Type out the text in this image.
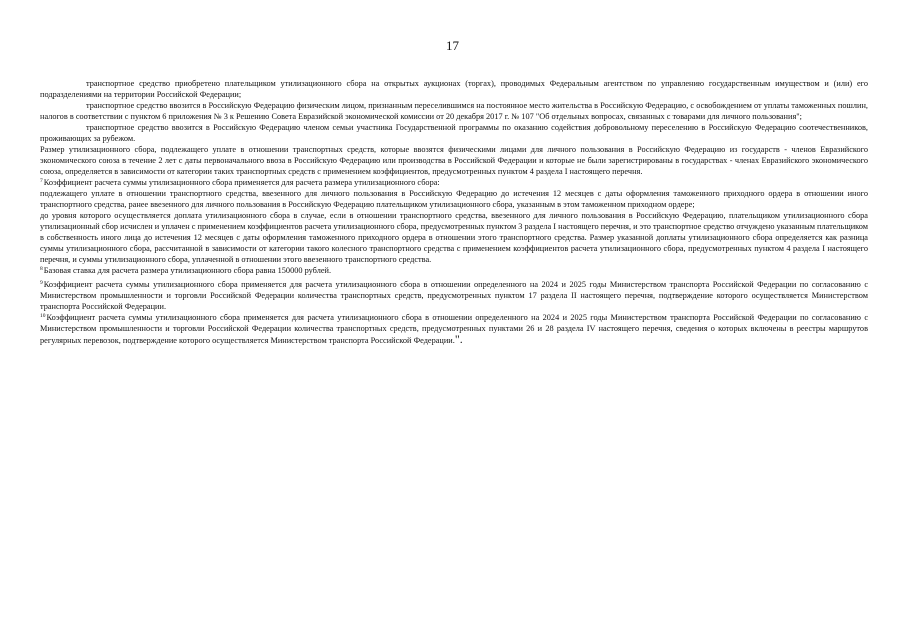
17

транспортное средство приобретено плательщиком утилизационного сбора на открытых аукционах (торгах), проводимых Федеральным агентством по управлению государственным имуществом и (или) его подразделениями на территории Российской Федерации;

транспортное средство ввозится в Российскую Федерацию физическим лицом, признанным переселившимся на постоянное место жительства в Российскую Федерацию, с освобождением от уплаты таможенных пошлин, налогов в соответствии с пунктом 6 приложения № 3 к Решению Совета Евразийской экономической комиссии от 20 декабря 2017 г. № 107 "Об отдельных вопросах, связанных с товарами для личного пользования";

транспортное средство ввозится в Российскую Федерацию членом семьи участника Государственной программы по оказанию содействия добровольному переселению в Российскую Федерацию соотечественников, проживающих за рубежом.

Размер утилизационного сбора, подлежащего уплате в отношении транспортных средств, которые ввозятся физическими лицами для личного пользования в Российскую Федерацию из государств - членов Евразийского экономического союза в течение 2 лет с даты первоначального ввоза в Российскую Федерацию или производства в Российской Федерации и которые не были зарегистрированы в государствах - членах Евразийского экономического союза, определяется в зависимости от категории таких транспортных средств с применением коэффициентов, предусмотренных пунктом 4 раздела I настоящего перечня.

$^7$Коэффициент расчета суммы утилизационного сбора применяется для расчета размера утилизационного сбора:

подлежащего уплате в отношении транспортного средства, ввезенного для личного пользования в Российскую Федерацию до истечения 12 месяцев с даты оформления таможенного приходного ордера в отношении иного транспортного средства, ранее ввезенного для личного пользования в Российскую Федерацию плательщиком утилизационного сбора, указанным в этом таможенном приходном ордере;

до уровня которого осуществляется доплата утилизационного сбора в случае, если в отношении транспортного средства, ввезенного для личного пользования в Российскую Федерацию, плательщиком утилизационного сбора утилизационный сбор исчислен и уплачен с применением коэффициентов расчета утилизационного сбора, предусмотренных пунктом 3 раздела I настоящего перечня, и это транспортное средство отчуждено указанным плательщиком в собственность иного лица до истечения 12 месяцев с даты оформления таможенного приходного ордера в отношении этого транспортного средства. Размер указанной доплаты утилизационного сбора определяется как разница суммы утилизационного сбора, рассчитанной в зависимости от категории такого колесного транспортного средства с применением коэффициентов расчета утилизационного сбора, предусмотренных пунктом 4 раздела I настоящего перечня, и суммы утилизационного сбора, уплаченной в отношении этого ввезенного транспортного средства.

$^8$Базовая ставка для расчета размера утилизационного сбора равна 150000 рублей.

$^9$Коэффициент расчета суммы утилизационного сбора применяется для расчета утилизационного сбора в отношении определенного на 2024 и 2025 годы Министерством транспорта Российской Федерации по согласованию с Министерством промышленности и торговли Российской Федерации количества транспортных средств, предусмотренных пунктом 17 раздела II настоящего перечня, подтверждение которого осуществляется Министерством транспорта Российской Федерации.

$^{10}$Коэффициент расчета суммы утилизационного сбора применяется для расчета утилизационного сбора в отношении определенного на 2024 и 2025 годы Министерством транспорта Российской Федерации по согласованию с Министерством промышленности и торговли Российской Федерации количества транспортных средств, предусмотренных пунктами 26 и 28 раздела IV настоящего перечня, сведения о которых включены в реестры маршрутов регулярных перевозок, подтверждение которого осуществляется Министерством транспорта Российской Федерации.".
